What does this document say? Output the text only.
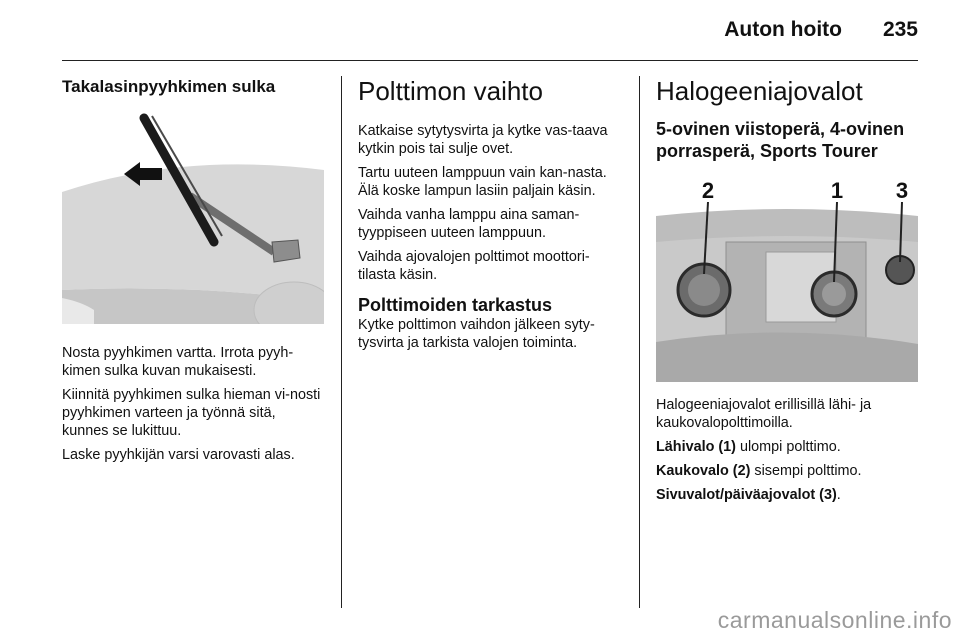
Auton hoito 235
Takalasinpyyhkimen sulka

Nosta pyyhkimen vartta. Irrota pyyh-kimen sulka kuvan mukaisesti.

Kiinnitä pyyhkimen sulka hieman vi-nosti pyyhkimen varteen ja työnnä sitä, kunnes se lukittuu.

Laske pyyhkijän varsi varovasti alas.

Polttimon vaihto

Katkaise sytytysvirta ja kytke vas-taava kytkin pois tai sulje ovet.

Tartu uuteen lamppuun vain kan-nasta. Älä koske lampun lasiin paljain käsin.

Vaihda vanha lamppu aina saman-tyyppiseen uuteen lamppuun.

Vaihda ajovalojen polttimot moottori-tilasta käsin.

Polttimoiden tarkastus

Kytke polttimon vaihdon jälkeen syty-tysvirta ja tarkista valojen toiminta.

Halogeeniajovalot
5-ovinen viistoperä, 4-ovinen porrasperä, Sports Tourer
2	1 3

Halogeeniajovalot erillisillä lähi- ja kaukovalopolttimoilla.

Lähivalo (1) ulompi polttimo.

Kaukovalo (2) sisempi polttimo.

Sivuvalot/päiväajovalot (3).

carmanualsonline.info
